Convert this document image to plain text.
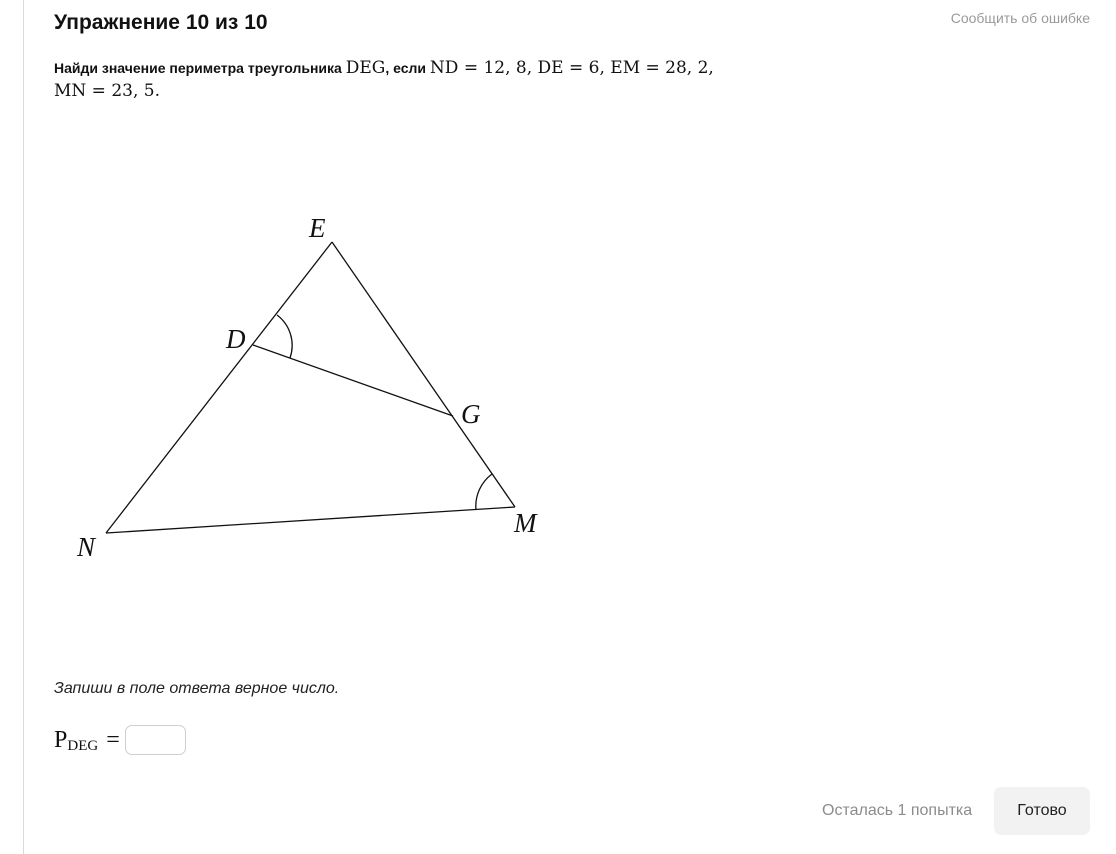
Сообщить об ошибке
Упражнение 10 из 10
Найди значение периметра треугольника DEG, если ND = 12, 8, DE = 6, EM = 28, 2,
MN = 23, 5.
E
D
G
N
M
Запиши в поле ответа верное число.
P DEG =
Осталась 1 попытка	Готово
